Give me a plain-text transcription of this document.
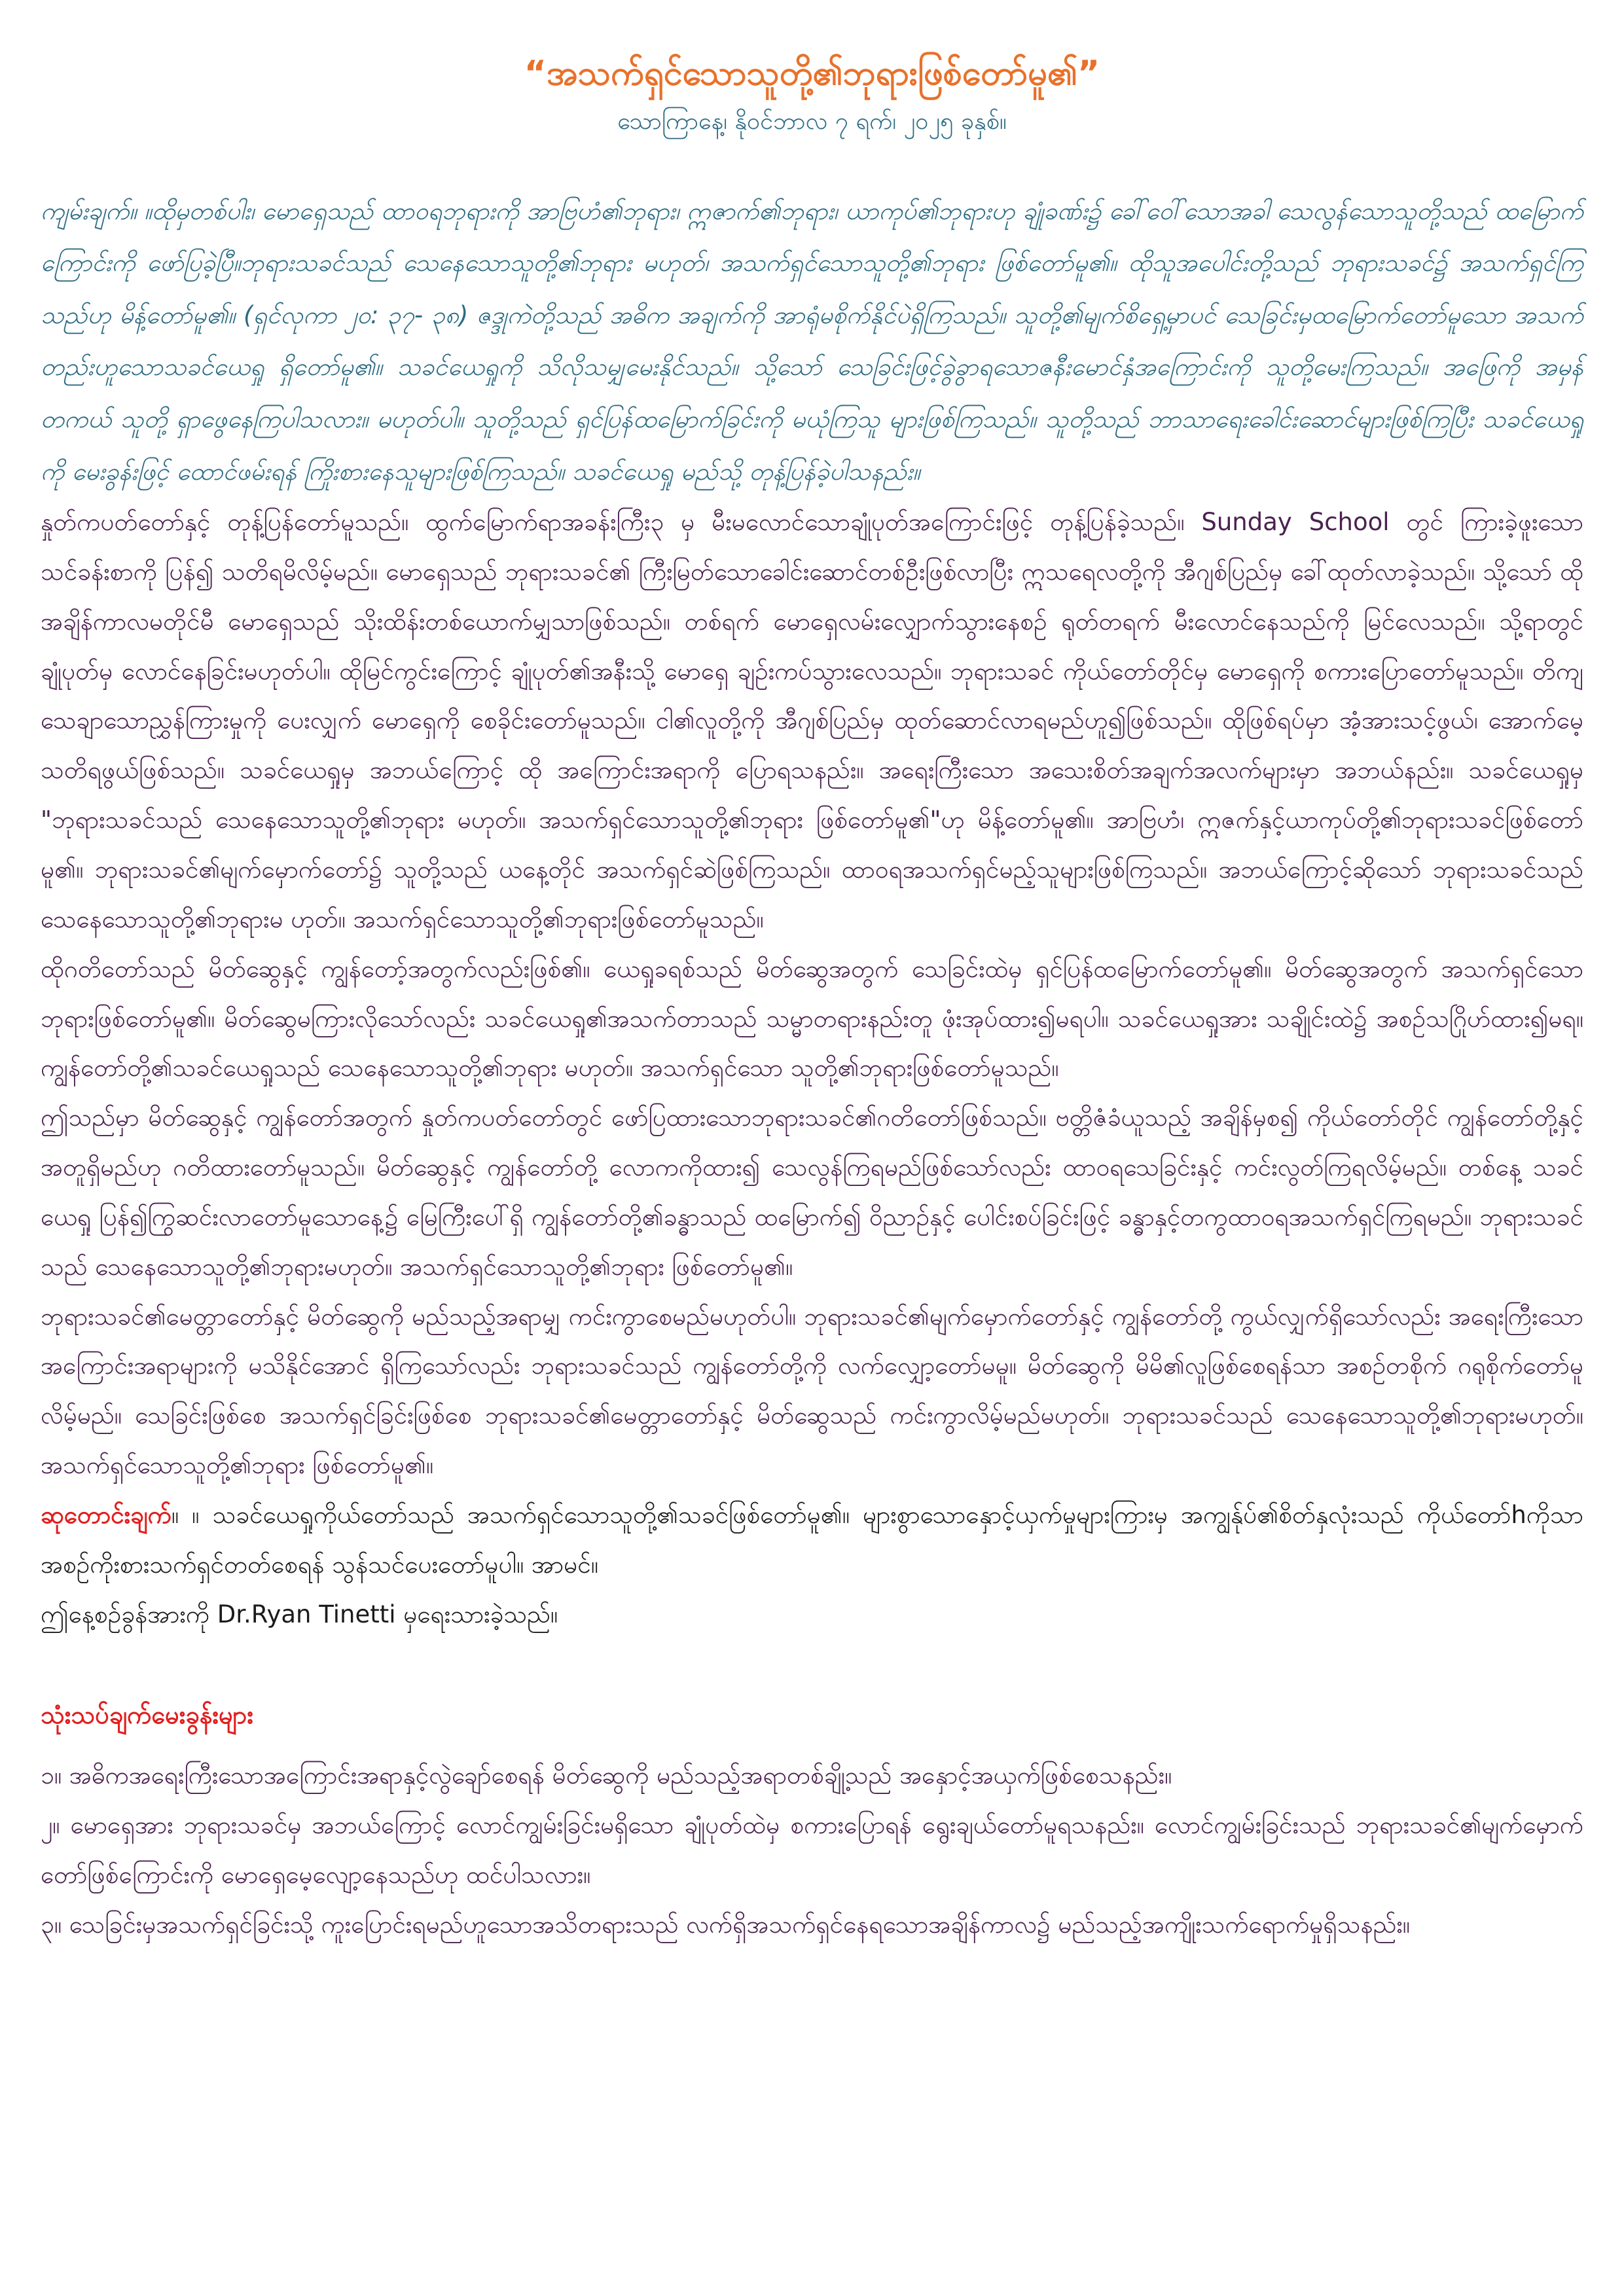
“အသက်ရှင်သောသူတို့၏ဘုရားဖြစ်တော်မူ၏”
သောကြာနေ့၊ နိုဝင်ဘာလ ၇ ရက်၊ ၂၀၂၅ ခုနှစ်။

ကျမ်းချက်။ ။ထိုမှတစ်ပါး၊ မောရှေသည် ထာဝရဘုရားကို အာဗြဟံ၏ဘုရား၊ ဣဇာက်၏ဘုရား၊ ယာကုပ်၏ဘုရားဟု ချုံခဏ်း၌ ခေါ်ဝေါ်သောအခါ သေလွန်သောသူတို့သည် ထမြောက်ကြောင်းကို ဖော်ပြခဲ့ပြီ။ဘုရားသခင်သည် သေနေသောသူတို့၏ဘုရား မဟုတ်၊ အသက်ရှင်သောသူတို့၏ဘုရား ဖြစ်တော်မူ၏။ ထိုသူအပေါင်းတို့သည် ဘုရားသခင်၌ အသက်ရှင်ကြသည်ဟု မိန့်တော်မူ၏။ (ရှင်လုကာ ၂၀: ၃၇- ၃၈) ဇဒ္ဒုကဲတို့သည် အဓိက အချက်ကို အာရုံမစိုက်နိုင်ပဲရှိကြသည်။ သူတို့၏မျက်စိရှေ့မှာပင် သေခြင်းမှထမြောက်တော်မူသော အသက်တည်းဟူသောသခင်ယေရှု ရှိတော်မူ၏။ သခင်ယေရှုကို သိလိုသမျှမေးနိုင်သည်။ သို့သော် သေခြင်းဖြင့်ခွဲခွာရသောဇနီးမောင်နှံအကြောင်းကို သူတို့မေးကြသည်။ အဖြေကို အမှန်တကယ် သူတို့ ရှာဖွေနေကြပါသလား။ မဟုတ်ပါ။ သူတို့သည် ရှင်ပြန်ထမြောက်ခြင်းကို မယုံကြသူ များဖြစ်ကြသည်။ သူတို့သည် ဘာသာရေးခေါင်းဆောင်များဖြစ်ကြပြီး သခင်ယေရှုကို မေးခွန်းဖြင့် ထောင်ဖမ်းရန် ကြိုးစားနေသူများဖြစ်ကြသည်။ သခင်ယေရှု မည်သို့ တုန့်ပြန်ခဲ့ပါသနည်း။

နှုတ်ကပတ်တော်နှင့် တုန့်ပြန်တော်မူသည်။ ထွက်မြောက်ရာအခန်းကြီး၃ မှ မီးမလောင်သောချုံပုတ်အကြောင်းဖြင့် တုန့်ပြန်ခဲ့သည်။ Sunday School တွင် ကြားခဲ့ဖူးသော သင်ခန်းစာကို ပြန်၍ သတိရမိလိမ့်မည်။ မောရှေသည် ဘုရားသခင်၏ ကြီးမြတ်သောခေါင်းဆောင်တစ်ဦးဖြစ်လာပြီး ဣသရေလတို့ကို အီဂျစ်ပြည်မှ ခေါ်ထုတ်လာခဲ့သည်။ သို့သော် ထို အချိန်ကာလမတိုင်မီ မောရှေသည် သိုးထိန်းတစ်ယောက်မျှသာဖြစ်သည်။ တစ်ရက် မောရှေလမ်းလျှောက်သွားနေစဉ် ရုတ်တရက် မီးလောင်နေသည်ကို မြင်လေသည်။ သို့ရာတွင် ချုံပုတ်မှ လောင်နေခြင်းမဟုတ်ပါ။ ထိုမြင်ကွင်းကြောင့် ချုံပုတ်၏အနီးသို့ မောရှေ ချဉ်းကပ်သွားလေသည်။ ဘုရားသခင် ကိုယ်တော်တိုင်မှ မောရှေကို စကားပြောတော်မူသည်။ တိကျသေချာသောညွှန်ကြားမှုကို ပေးလျှက် မောရှေကို စေခိုင်းတော်မူသည်။ ငါ၏လူတို့ကို အီဂျစ်ပြည်မှ ထုတ်ဆောင်လာရမည်ဟူ၍ဖြစ်သည်။ ထိုဖြစ်ရပ်မှာ အံ့အားသင့်ဖွယ်၊ အောက်မေ့သတိရဖွယ်ဖြစ်သည်။ သခင်ယေရှုမှ အဘယ်ကြောင့် ထို အကြောင်းအရာကို ပြောရသနည်း။ အရေးကြီးသော အသေးစိတ်အချက်အလက်များမှာ အဘယ်နည်း။ သခင်ယေရှုမှ "ဘုရားသခင်သည် သေနေသောသူတို့၏ဘုရား မဟုတ်။ အသက်ရှင်သောသူတို့၏ဘုရား ဖြစ်တော်မူ၏"ဟု မိန့်တော်မူ၏။ အာဗြဟံ၊ ဣဇက်နှင့်ယာကုပ်တို့၏ဘုရားသခင်ဖြစ်တော်မူ၏။ ဘုရားသခင်၏မျက်မှောက်တော်၌ သူတို့သည် ယနေ့တိုင် အသက်ရှင်ဆဲဖြစ်ကြသည်။ ထာဝရအသက်ရှင်မည့်သူများဖြစ်ကြသည်။ အဘယ်ကြောင့်ဆိုသော် ဘုရားသခင်သည် သေနေသောသူတို့၏ဘုရားမ ဟုတ်။ အသက်ရှင်သောသူတို့၏ဘုရားဖြစ်တော်မူသည်။

ထိုဂတိတော်သည် မိတ်ဆွေနှင့် ကျွန်တော့်အတွက်လည်းဖြစ်၏။ ယေရှုခရစ်သည် မိတ်ဆွေအတွက် သေခြင်းထဲမှ ရှင်ပြန်ထမြောက်တော်မူ၏။ မိတ်ဆွေအတွက် အသက်ရှင်သောဘုရားဖြစ်တော်မူ၏။ မိတ်ဆွေမကြားလိုသော်လည်း သခင်ယေရှု၏အသက်တာသည် သမ္မာတရားနည်းတူ ဖုံးအုပ်ထား၍မရပါ။ သခင်ယေရှုအား သချိုင်းထဲ၌ အစဉ်သဂြိုဟ်ထား၍မရ။ ကျွန်တော်တို့၏သခင်ယေရှုသည် သေနေသောသူတို့၏ဘုရား မဟုတ်။ အသက်ရှင်သော သူတို့၏ဘုရားဖြစ်တော်မူသည်။

ဤသည်မှာ မိတ်ဆွေနှင့် ကျွန်တော်အတွက် နှုတ်ကပတ်တော်တွင် ဖော်ပြထားသောဘုရားသခင်၏ဂတိတော်ဖြစ်သည်။ ဗတ္တိဇံခံယူသည့် အချိန်မှစ၍ ကိုယ်တော်တိုင် ကျွန်တော်တို့နှင့်အတူရှိမည်ဟု ဂတိထားတော်မူသည်။ မိတ်ဆွေနှင့် ကျွန်တော်တို့ လောကကိုထား၍ သေလွန်ကြရမည်ဖြစ်သော်လည်း ထာဝရသေခြင်းနှင့် ကင်းလွတ်ကြရလိမ့်မည်။ တစ်နေ့ သခင်ယေရှု ပြန်၍ကြွဆင်းလာတော်မူသောနေ့၌ မြေကြီးပေါ်ရှိ ကျွန်တော်တို့၏ခန္ဓာသည် ထမြောက်၍ ဝိညာဉ်နှင့် ပေါင်းစပ်ခြင်းဖြင့် ခန္ဓာနှင့်တကွထာဝရအသက်ရှင်ကြရမည်။ ဘုရားသခင်သည် သေနေသောသူတို့၏ဘုရားမဟုတ်။ အသက်ရှင်သောသူတို့၏ဘုရား ဖြစ်တော်မူ၏။

ဘုရားသခင်၏မေတ္တာတော်နှင့် မိတ်ဆွေကို မည်သည့်အရာမျှ ကင်းကွာစေမည်မဟုတ်ပါ။ ဘုရားသခင်၏မျက်မှောက်တော်နှင့် ကျွန်တော်တို့ ကွယ်လျှက်ရှိသော်လည်း အရေးကြီးသောအကြောင်းအရာများကို မသိနိုင်အောင် ရှိကြသော်လည်း ဘုရားသခင်သည် ကျွန်တော်တို့ကို လက်လျှော့တော်မမူ။ မိတ်ဆွေကို မိမိ၏လူဖြစ်စေရန်သာ အစဉ်တစိုက် ဂရုစိုက်တော်မူလိမ့်မည်။ သေခြင်းဖြစ်စေ အသက်ရှင်ခြင်းဖြစ်စေ ဘုရားသခင်၏မေတ္တာတော်နှင့် မိတ်ဆွေသည် ကင်းကွာလိမ့်မည်မဟုတ်။ ဘုရားသခင်သည် သေနေသောသူတို့၏ဘုရားမဟုတ်။ အသက်ရှင်သောသူတို့၏ဘုရား ဖြစ်တော်မူ၏။

ဆုတောင်းချက်။ ။ သခင်ယေရှုကိုယ်တော်သည် အသက်ရှင်သောသူတို့၏သခင်ဖြစ်တော်မူ၏။ များစွာသောနှောင့်ယှက်မှုများကြားမှ အကျွန်ုပ်၏စိတ်နှလုံးသည် ကိုယ်တော်hကိုသာ အစဉ်ကိုးစားသက်ရှင်တတ်စေရန် သွန်သင်ပေးတော်မူပါ။ အာမင်။

ဤနေ့စဉ်ခွန်အားကို Dr.Ryan Tinetti မှရေးသားခဲ့သည်။

သုံးသပ်ချက်မေးခွန်းများ

၁။ အဓိကအရေးကြီးသောအကြောင်းအရာနှင့်လွဲချော်စေရန် မိတ်ဆွေကို မည်သည့်အရာတစ်ချို့သည် အနှောင့်အယှက်ဖြစ်စေသနည်း။

၂။ မောရှေအား ဘုရားသခင်မှ အဘယ်ကြောင့် လောင်ကျွမ်းခြင်းမရှိသော ချုံပုတ်ထဲမှ စကားပြောရန် ရွေးချယ်တော်မူရသနည်း။ လောင်ကျွမ်းခြင်းသည် ဘုရားသခင်၏မျက်မှောက်တော်ဖြစ်ကြောင်းကို မောရှေမေ့လျော့နေသည်ဟု ထင်ပါသလား။

၃။ သေခြင်းမှအသက်ရှင်ခြင်းသို့ ကူးပြောင်းရမည်ဟူသောအသိတရားသည် လက်ရှိအသက်ရှင်နေရသောအချိန်ကာလ၌ မည်သည့်အကျိုးသက်ရောက်မှုရှိသနည်း။
